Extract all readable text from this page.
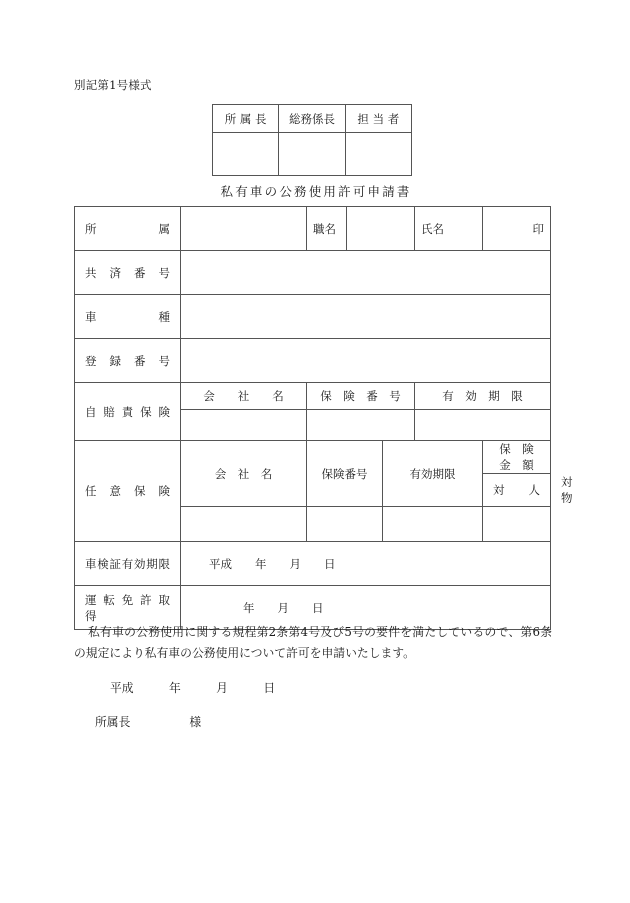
別記第1号様式
所 属 長	総務係長	担 当 者

私有車の公務使用許可申請書
所　　　　属		職名			氏名	印	

共　済　番　号							
車　　　　種							
登　録　番　号							
自 賠 責 保 険	会　　社　　名	保　険　番　号			有　効　期　限		

任　意　保　険	会　社　名	保険番号		有効期限		保　険　金　額	
						対　　人	対　　物

車検証有効期限	平成　　年　　月　　日						
運 転 免 許 取 得	年　　月　　日						
私有車の公務使用に関する規程第2条第4号及び5号の要件を満たしているので、第6条の規定により私有車の公務使用について許可を申請いたします。
平成　　　年　　　月　　　日
所属長　　　　　様
